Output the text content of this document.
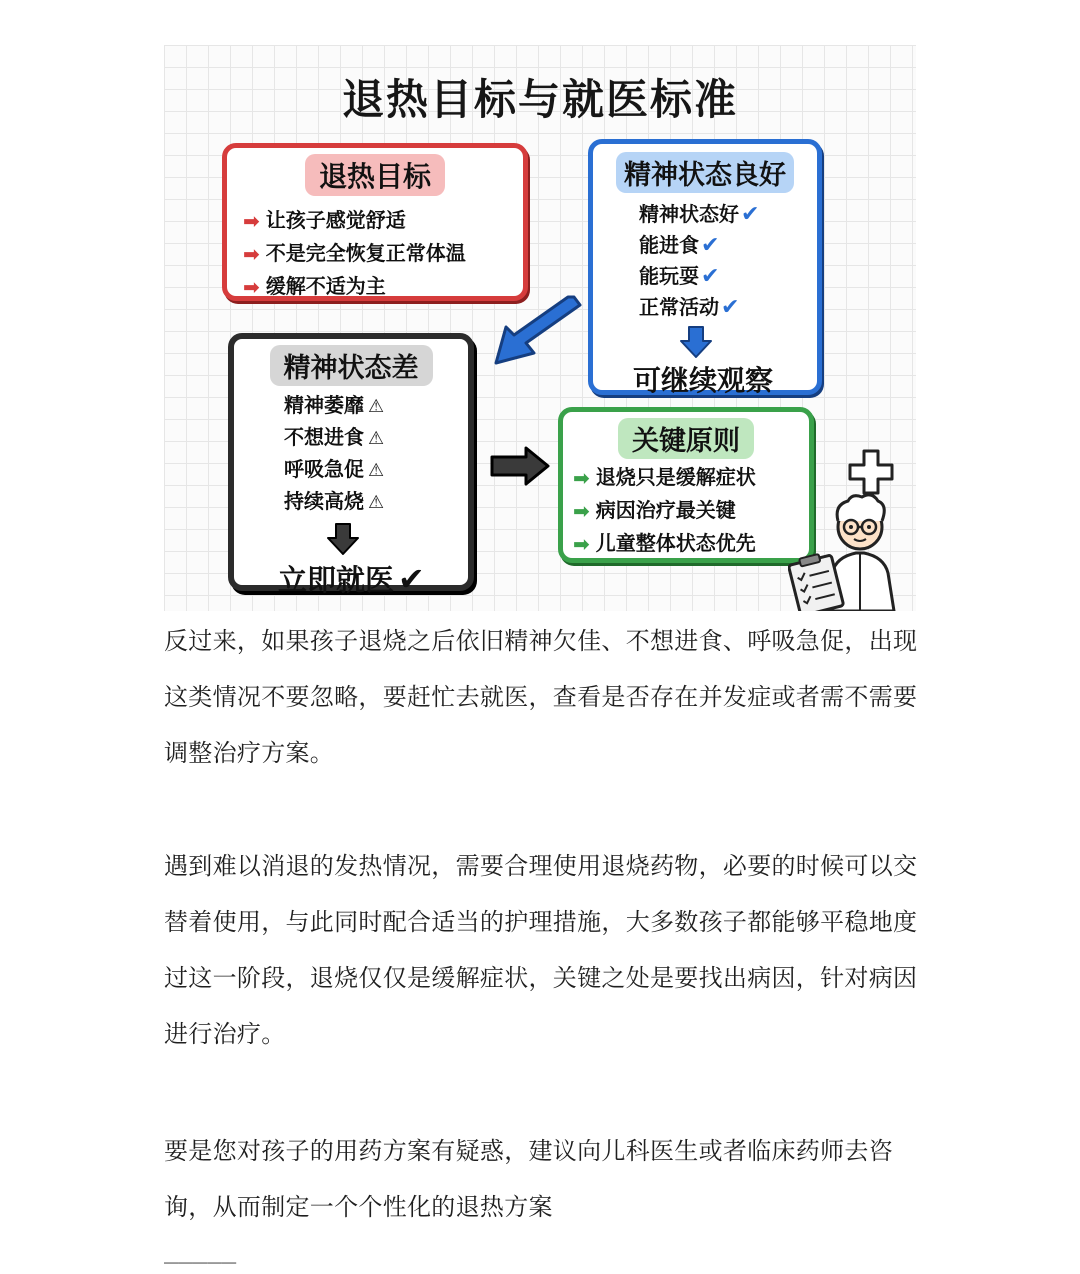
退热目标与就医标准
退热目标
➡ 让孩子感觉舒适
➡ 不是完全恢复正常体温
➡ 缓解不适为主
精神状态良好
精神状态好✔
能进食✔
能玩耍✔
正常活动✔
可继续观察
精神状态差
精神萎靡 ⚠
不想进食 ⚠
呼吸急促 ⚠
持续高烧 ⚠
立即就医 ✔
关键原则
➡ 退烧只是缓解症状
➡ 病因治疗最关键
➡ 儿童整体状态优先

反过来，如果孩子退烧之后依旧精神欠佳、不想进食、呼吸急促，出现这类情况不要忽略，要赶忙去就医，查看是否存在并发症或者需不需要调整治疗方案。

遇到难以消退的发热情况，需要合理使用退烧药物，必要的时候可以交替着使用，与此同时配合适当的护理措施，大多数孩子都能够平稳地度过这一阶段，退烧仅仅是缓解症状，关键之处是要找出病因，针对病因进行治疗。

要是您对孩子的用药方案有疑惑，建议向儿科医生或者临床药师去咨询，从而制定一个个性化的退热方案

_____
